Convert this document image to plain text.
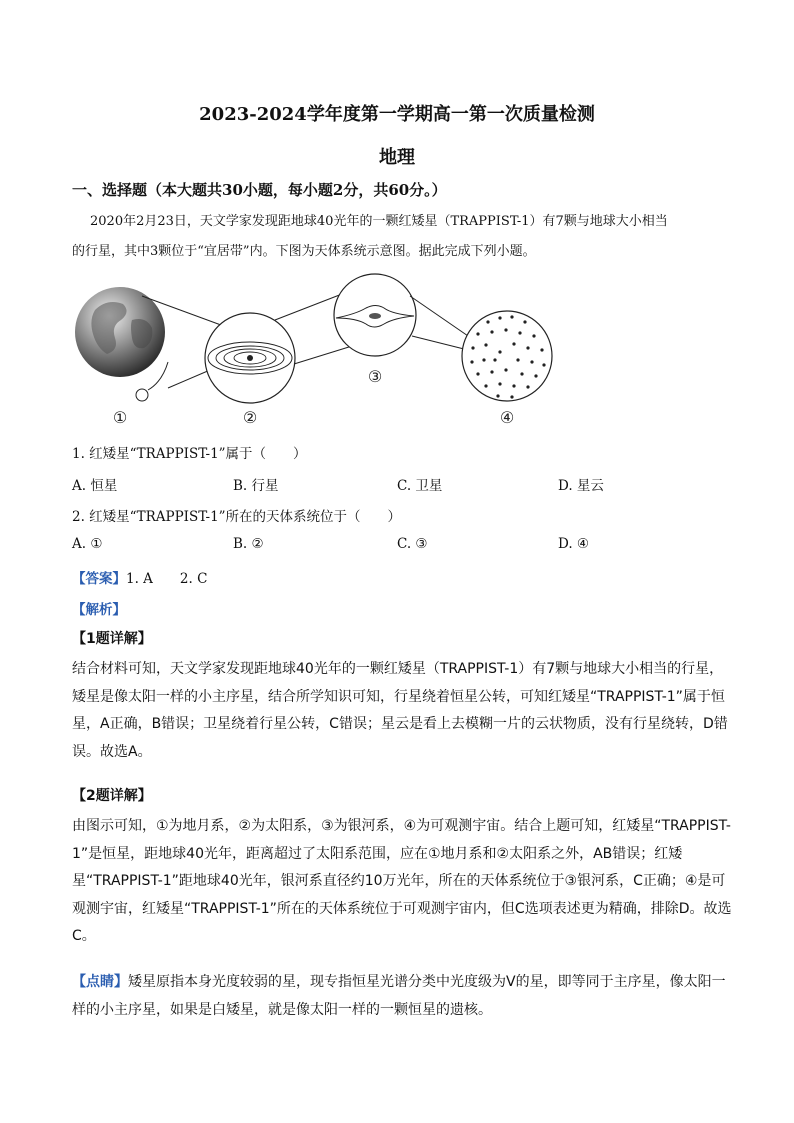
2023-2024学年度第一学期高一第一次质量检测
地理
一、选择题（本大题共30小题，每小题2分，共60分。）
2020年2月23日，天文学家发现距地球40光年的一颗红矮星（TRAPPIST-1）有7颗与地球大小相当
的行星，其中3颗位于“宜居带”内。下图为天体系统示意图。据此完成下列小题。
③
①	②	④
1. 红矮星“TRAPPIST-1”属于（　　）
A. 恒星	B. 行星	C. 卫星	D. 星云
2. 红矮星“TRAPPIST-1”所在的天体系统位于（　　）
A. ①	B. ②	C. ③	D. ④
【答案】1. A　　2. C
【解析】
【1题详解】
结合材料可知，天文学家发现距地球40光年的一颗红矮星（TRAPPIST-1）有7颗与地球大小相当的行星，矮星是像太阳一样的小主序星，结合所学知识可知，行星绕着恒星公转，可知红矮星“TRAPPIST-1”属于恒星，A正确，B错误；卫星绕着行星公转，C错误；星云是看上去模糊一片的云状物质，没有行星绕转，D错误。故选A。
【2题详解】
由图示可知，①为地月系，②为太阳系，③为银河系，④为可观测宇宙。结合上题可知，红矮星“TRAPPIST-1”是恒星，距地球40光年，距离超过了太阳系范围，应在①地月系和②太阳系之外，AB错误；红矮星“TRAPPIST-1”距地球40光年，银河系直径约10万光年，所在的天体系统位于③银河系，C正确；④是可观测宇宙，红矮星“TRAPPIST-1”所在的天体系统位于可观测宇宙内，但C选项表述更为精确，排除D。故选C。
【点睛】矮星原指本身光度较弱的星，现专指恒星光谱分类中光度级为V的星，即等同于主序星，像太阳一样的小主序星，如果是白矮星，就是像太阳一样的一颗恒星的遗核。
